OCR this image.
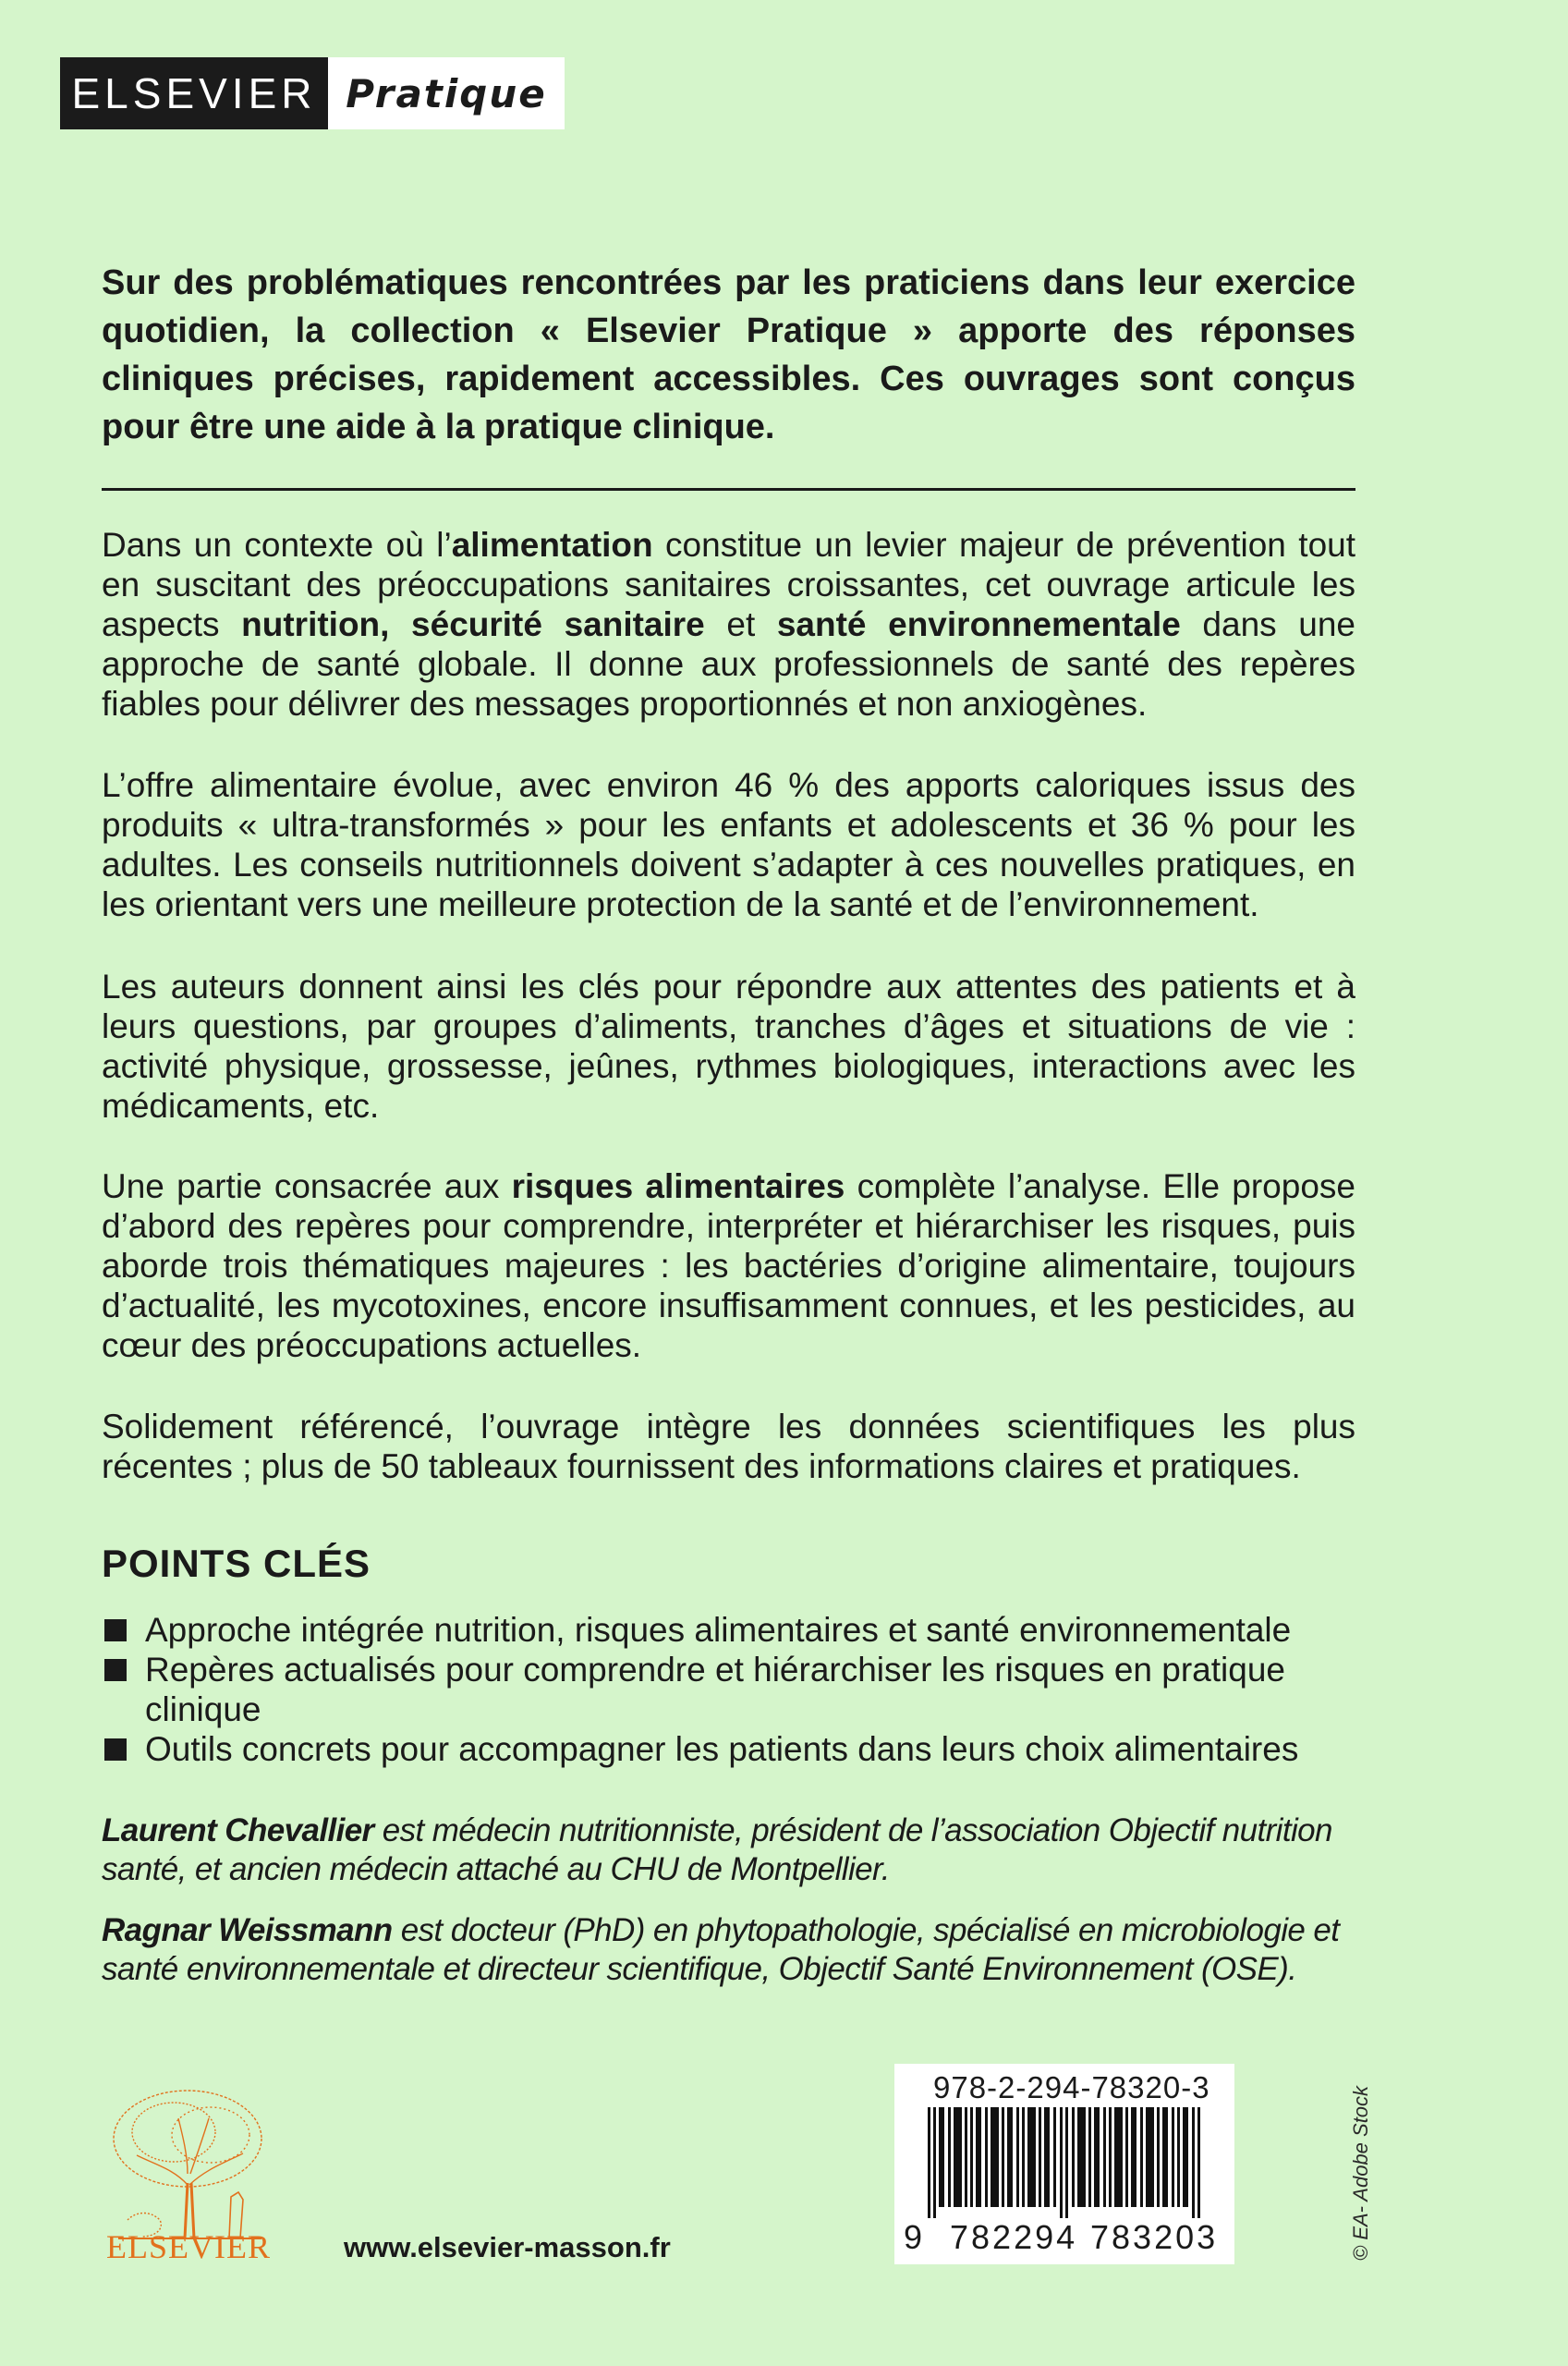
ELSEVIER Pratique

Sur des problématiques rencontrées par les praticiens dans leur exercice quotidien, la collection « Elsevier Pratique » apporte des réponses cliniques précises, rapidement accessibles. Ces ouvrages sont conçus pour être une aide à la pratique clinique.

Dans un contexte où l’alimentation constitue un levier majeur de prévention tout en suscitant des préoccupations sanitaires croissantes, cet ouvrage articule les aspects nutrition, sécurité sanitaire et santé environnementale dans une approche de santé globale. Il donne aux professionnels de santé des repères fiables pour délivrer des messages proportionnés et non anxiogènes.

L’offre alimentaire évolue, avec environ 46 % des apports caloriques issus des produits « ultra-transformés » pour les enfants et adolescents et 36 % pour les adultes. Les conseils nutritionnels doivent s’adapter à ces nouvelles pratiques, en les orientant vers une meilleure protection de la santé et de l’environnement.

Les auteurs donnent ainsi les clés pour répondre aux attentes des patients et à leurs questions, par groupes d’aliments, tranches d’âges et situations de vie : activité physique, grossesse, jeûnes, rythmes biologiques, interactions avec les médicaments, etc.

Une partie consacrée aux risques alimentaires complète l’analyse. Elle propose d’abord des repères pour comprendre, interpréter et hiérarchiser les risques, puis aborde trois thématiques majeures : les bactéries d’origine alimentaire, toujours d’actualité, les mycotoxines, encore insuffisamment connues, et les pesticides, au cœur des préoccupations actuelles.

Solidement référencé, l’ouvrage intègre les données scientifiques les plus récentes ; plus de 50 tableaux fournissent des informations claires et pratiques.

POINTS CLÉS
Approche intégrée nutrition, risques alimentaires et santé environnementale
Repères actualisés pour comprendre et hiérarchiser les risques en pratique clinique
Outils concrets pour accompagner les patients dans leurs choix alimentaires

Laurent Chevallier est médecin nutritionniste, président de l’association Objectif nutrition santé, et ancien médecin attaché au CHU de Montpellier.

Ragnar Weissmann est docteur (PhD) en phytopathologie, spécialisé en microbiologie et santé environnementale et directeur scientifique, Objectif Santé Environnement (OSE).

ELSEVIER	www.elsevier-masson.fr
978-2-294-78320-3
9 782294 783203	© EA- Adobe Stock
